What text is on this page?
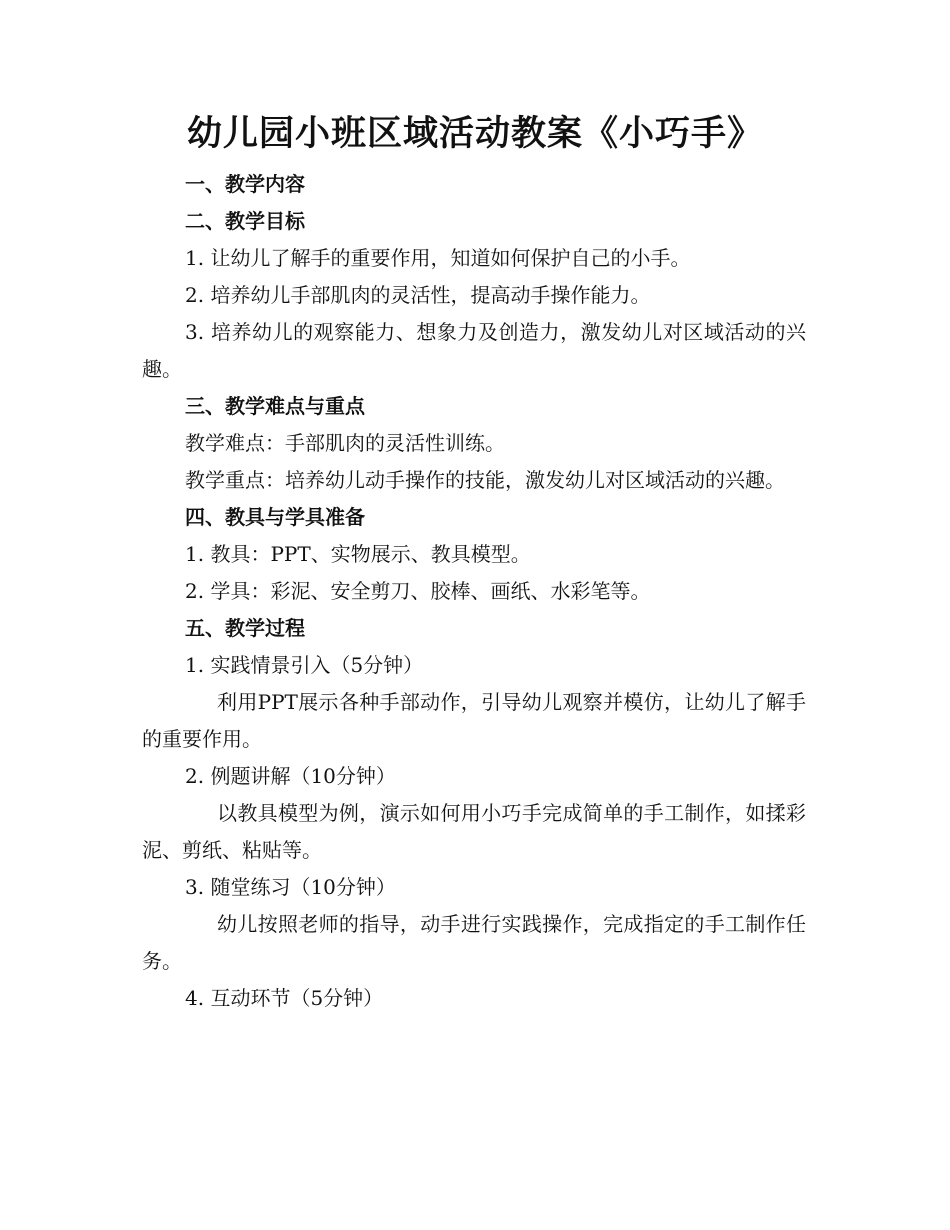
幼儿园小班区域活动教案《小巧手》

一、教学内容

二、教学目标

1. 让幼儿了解手的重要作用，知道如何保护自己的小手。

2. 培养幼儿手部肌肉的灵活性，提高动手操作能力。

3. 培养幼儿的观察能力、想象力及创造力，激发幼儿对区域活动的兴趣。

三、教学难点与重点

教学难点：手部肌肉的灵活性训练。

教学重点：培养幼儿动手操作的技能，激发幼儿对区域活动的兴趣。

四、教具与学具准备

1. 教具：PPT、实物展示、教具模型。

2. 学具：彩泥、安全剪刀、胶棒、画纸、水彩笔等。

五、教学过程

1. 实践情景引入（5分钟）

利用PPT展示各种手部动作，引导幼儿观察并模仿，让幼儿了解手的重要作用。

2. 例题讲解（10分钟）

以教具模型为例，演示如何用小巧手完成简单的手工制作，如揉彩泥、剪纸、粘贴等。

3. 随堂练习（10分钟）

幼儿按照老师的指导，动手进行实践操作，完成指定的手工制作任务。

4. 互动环节（5分钟）
